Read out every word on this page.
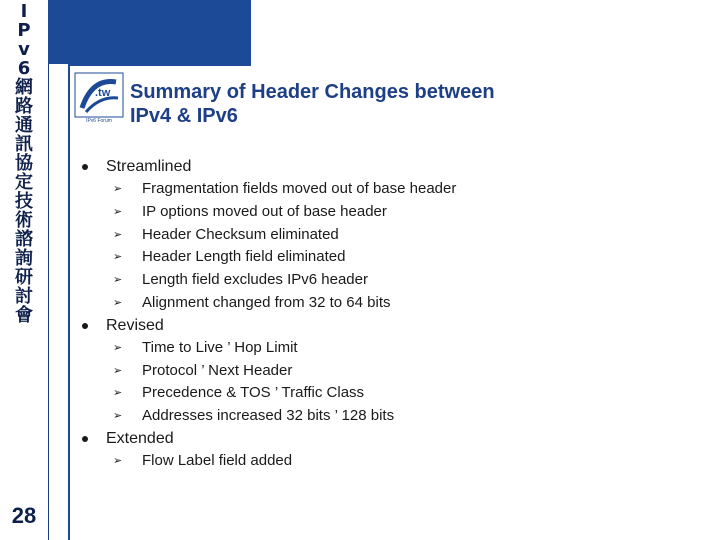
I
P
v
6
網
路
通
訊
協
定
技
術
諮
詢
研
討
會
28
.tw
IPv6 Forum
Summary of Header Changes between
IPv4 & IPv6
Streamlined
➢ Fragmentation fields moved out of base header
➢ IP options moved out of base header
➢ Header Checksum eliminated
➢ Header Length field eliminated
➢ Length field excludes IPv6 header
➢ Alignment changed from 32 to 64 bits
Revised
➢ Time to Live ’ Hop Limit
➢ Protocol ’ Next Header
➢ Precedence & TOS ’ Traffic Class
➢ Addresses increased 32 bits ’ 128 bits
Extended
➢ Flow Label field added
